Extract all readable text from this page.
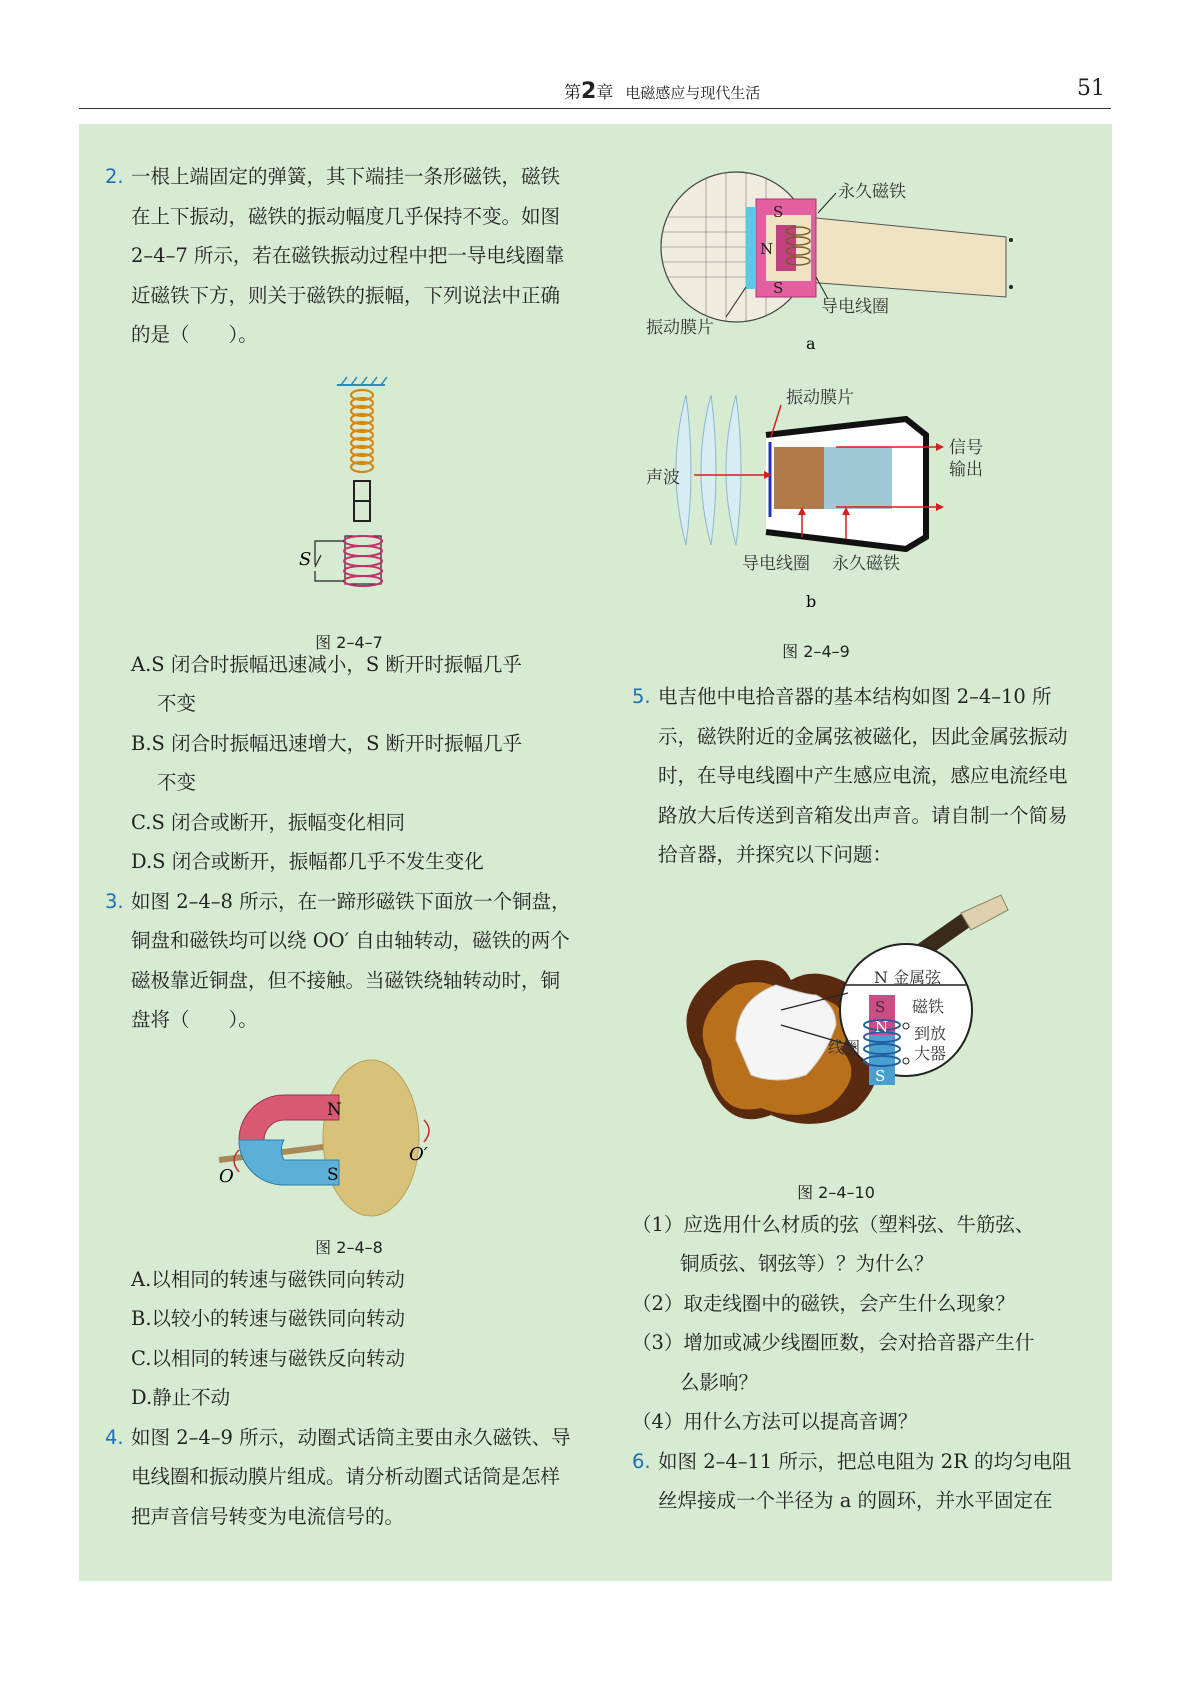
第2章 电磁感应与现代生活	51
2. 一根上端固定的弹簧，其下端挂一条形磁铁，磁铁在上下振动，磁铁的振动幅度几乎保持不变。如图 2–4–7 所示，若在磁铁振动过程中把一导电线圈靠近磁铁下方，则关于磁铁的振幅，下列说法中正确的是（　　）。
S
图 2–4–7
A.S 闭合时振幅迅速减小，S 断开时振幅几乎
不变
B.S 闭合时振幅迅速增大，S 断开时振幅几乎
不变
C.S 闭合或断开，振幅变化相同
D.S 闭合或断开，振幅都几乎不发生变化
3. 如图 2–4–8 所示，在一蹄形磁铁下面放一个铜盘，铜盘和磁铁均可以绕 OO′ 自由轴转动，磁铁的两个磁极靠近铜盘，但不接触。当磁铁绕轴转动时，铜盘将（　　）。
N
S
O
O′
图 2–4–8
A.以相同的转速与磁铁同向转动
B.以较小的转速与磁铁同向转动
C.以相同的转速与磁铁反向转动
D.静止不动
4. 如图 2–4–9 所示，动圈式话筒主要由永久磁铁、导电线圈和振动膜片组成。请分析动圈式话筒是怎样把声音信号转变为电流信号的。
S
N
S
永久磁铁
导电线圈
振动膜片
振动膜片
信号
输出
声波
导电线圈 永久磁铁
a
b
图 2–4–9
5. 电吉他中电拾音器的基本结构如图 2–4–10 所示，磁铁附近的金属弦被磁化，因此金属弦振动时，在导电线圈中产生感应电流，感应电流经电路放大后传送到音箱发出声音。请自制一个简易拾音器，并探究以下问题：
N 金属弦
S 磁铁
N 到放
大器
线圈
S
图 2–4–10
（1）应选用什么材质的弦（塑料弦、牛筋弦、
铜质弦、钢弦等）？为什么？
（2）取走线圈中的磁铁，会产生什么现象？
（3）增加或减少线圈匝数，会对拾音器产生什
么影响？
（4）用什么方法可以提高音调？
6. 如图 2–4–11 所示，把总电阻为 2R 的均匀电阻丝焊接成一个半径为 a 的圆环，并水平固定在
